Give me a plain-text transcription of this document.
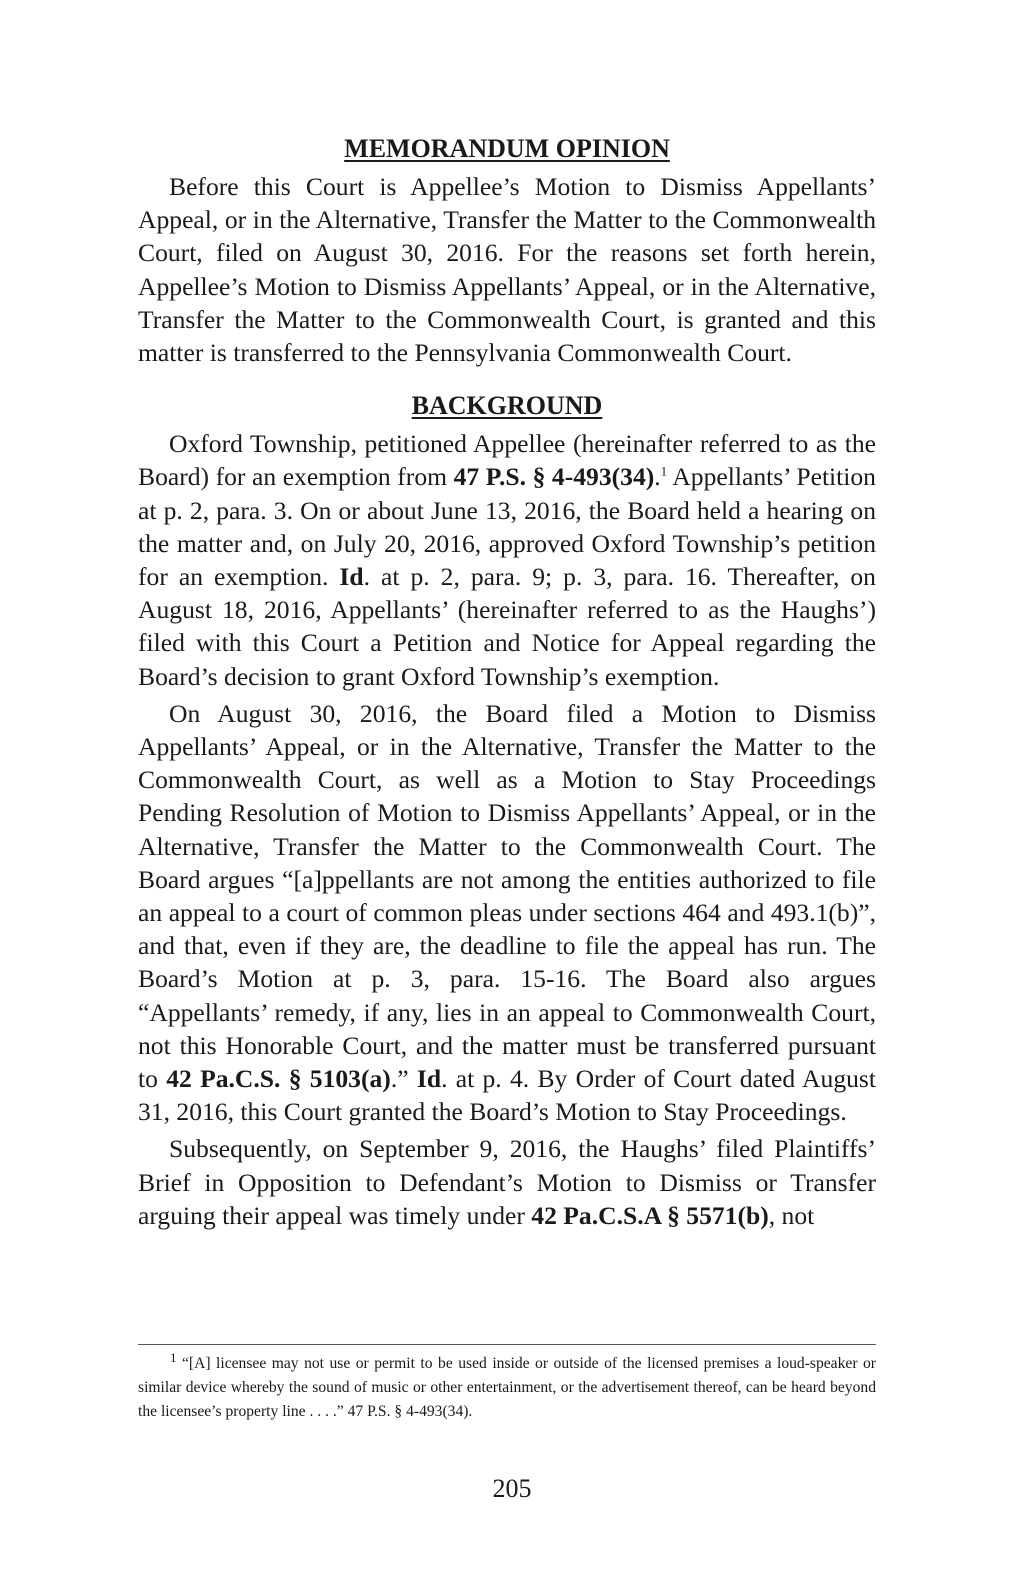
MEMORANDUM OPINION

Before this Court is Appellee’s Motion to Dismiss Appellants’ Appeal, or in the Alternative, Transfer the Matter to the Commonwealth Court, filed on August 30, 2016. For the reasons set forth herein, Appellee’s Motion to Dismiss Appellants’ Appeal, or in the Alternative, Transfer the Matter to the Commonwealth Court, is granted and this matter is transferred to the Pennsylvania Commonwealth Court.

BACKGROUND

Oxford Township, petitioned Appellee (hereinafter referred to as the Board) for an exemption from 47 P.S. § 4-493(34).$^1$ Appellants’ Petition at p. 2, para. 3. On or about June 13, 2016, the Board held a hearing on the matter and, on July 20, 2016, approved Oxford Township’s petition for an exemption. Id. at p. 2, para. 9; p. 3, para. 16. Thereafter, on August 18, 2016, Appellants’ (hereinafter referred to as the Haughs’) filed with this Court a Petition and Notice for Appeal regarding the Board’s decision to grant Oxford Township’s exemption.

On August 30, 2016, the Board filed a Motion to Dismiss Appellants’ Appeal, or in the Alternative, Transfer the Matter to the Commonwealth Court, as well as a Motion to Stay Proceedings Pending Resolution of Motion to Dismiss Appellants’ Appeal, or in the Alternative, Transfer the Matter to the Commonwealth Court. The Board argues “[a]ppellants are not among the entities authorized to file an appeal to a court of common pleas under sections 464 and 493.1(b)”, and that, even if they are, the deadline to file the appeal has run. The Board’s Motion at p. 3, para. 15-16. The Board also argues “Appellants’ remedy, if any, lies in an appeal to Commonwealth Court, not this Honorable Court, and the matter must be transferred pursuant to 42 Pa.C.S. § 5103(a).” Id. at p. 4. By Order of Court dated August 31, 2016, this Court granted the Board’s Motion to Stay Proceedings.

Subsequently, on September 9, 2016, the Haughs’ filed Plaintiffs’ Brief in Opposition to Defendant’s Motion to Dismiss or Transfer arguing their appeal was timely under 42 Pa.C.S.A § 5571(b), not

$^1$ “[A] licensee may not use or permit to be used inside or outside of the licensed premises a loud-speaker or similar device whereby the sound of music or other entertainment, or the advertisement thereof, can be heard beyond the licensee’s property line . . . .” 47 P.S. § 4-493(34).

205
